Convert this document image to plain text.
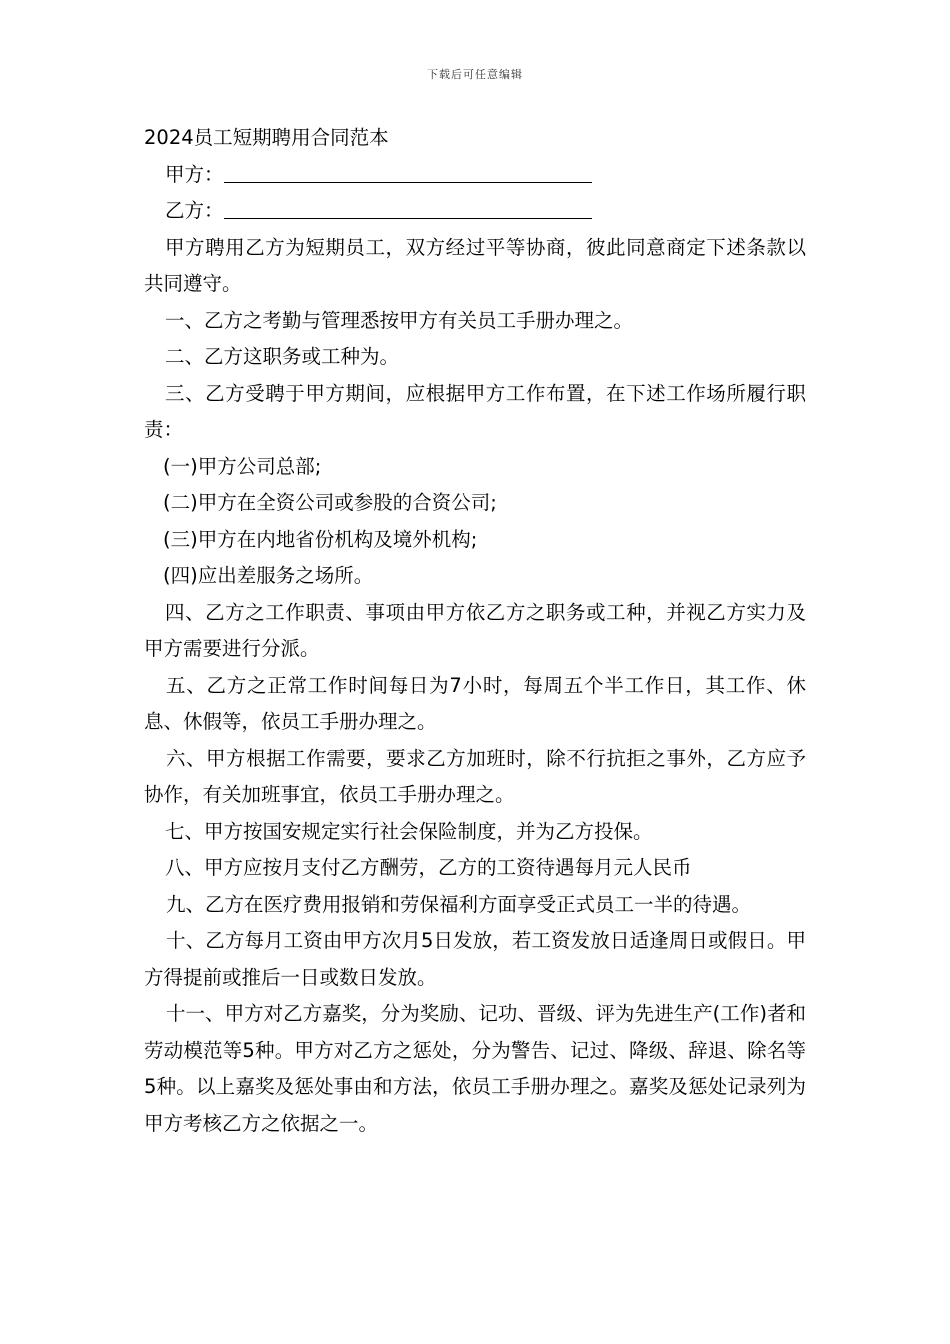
下载后可任意编辑

2024员工短期聘用合同范本

甲方：

乙方：

甲方聘用乙方为短期员工，双方经过平等协商，彼此同意商定下述条款以共同遵守。

一、乙方之考勤与管理悉按甲方有关员工手册办理之。

二、乙方这职务或工种为。

三、乙方受聘于甲方期间，应根据甲方工作布置，在下述工作场所履行职责：

(一)甲方公司总部;

(二)甲方在全资公司或参股的合资公司;

(三)甲方在内地省份机构及境外机构;

(四)应出差服务之场所。

四、乙方之工作职责、事项由甲方依乙方之职务或工种，并视乙方实力及甲方需要进行分派。

五、乙方之正常工作时间每日为7小时，每周五个半工作日，其工作、休息、休假等，依员工手册办理之。

六、甲方根据工作需要，要求乙方加班时，除不行抗拒之事外，乙方应予协作，有关加班事宜，依员工手册办理之。

七、甲方按国安规定实行社会保险制度，并为乙方投保。

八、甲方应按月支付乙方酬劳，乙方的工资待遇每月元人民币

九、乙方在医疗费用报销和劳保福利方面享受正式员工一半的待遇。

十、乙方每月工资由甲方次月5日发放，若工资发放日适逢周日或假日。甲方得提前或推后一日或数日发放。

十一、甲方对乙方嘉奖，分为奖励、记功、晋级、评为先进生产(工作)者和劳动模范等5种。甲方对乙方之惩处，分为警告、记过、降级、辞退、除名等5种。以上嘉奖及惩处事由和方法，依员工手册办理之。嘉奖及惩处记录列为甲方考核乙方之依据之一。
